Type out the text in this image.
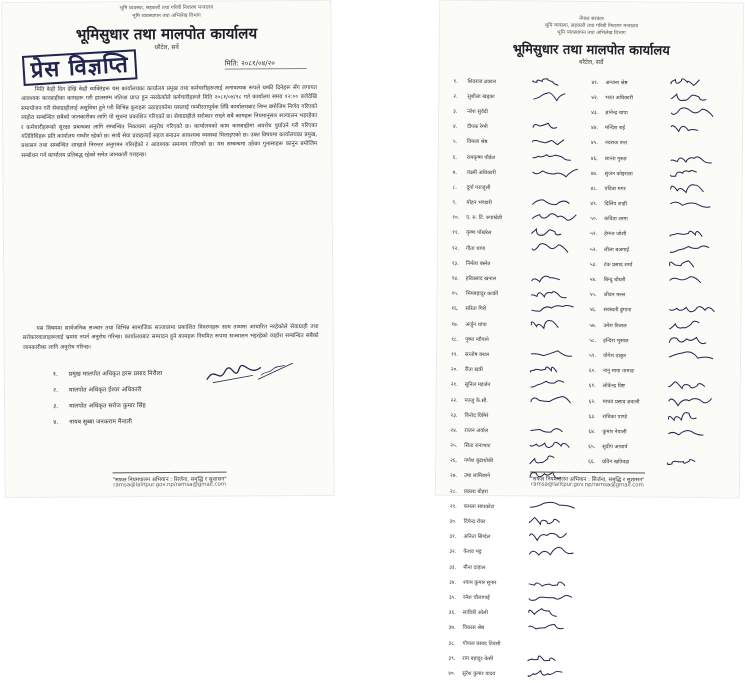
भूमि व्यवस्था, सहकारी तथा गरिबी निवारण मन्त्रालय
भूमि व्यवस्थापन तथा अभिलेख विभाग
भूमिसुधार तथा मालपोत कार्यालय
धरैटेल, सर्वे
प्रेस विज्ञप्ति	मिति: २०८१/०४/२०

मिति केही दिन देखि केही व्यक्तिहरू यस कार्यालयका कार्यालय प्रमुख तथा कर्मचारीहरूलाई अनावश्यक रूपले धम्की दिनेहरू सँग लगायत आवश्यक कारबाहीका कामहरू गरी हालसम्म नतिजा प्राप्त हुन नसकेकोले कर्मचारीहरूले मिति २०८१/०४/१८ गते कार्यालय समय १२:०० बजेदेखि समायोजन गरी सेवाग्राहीलाई असुविधा हुने गरी विभिन्न कुराहरू उठाइएकोमा यसलाई गम्भीरतापूर्वक लिँदै कार्यालयबाट निम्न बमोजिम निर्णय गरिएको व्यहोरा सम्बन्धित सबैको जानकारीका लागि यो सूचना प्रकाशित गरिएको छ। सेवाग्राहीले सरोकार राख्ने सबै कामहरू नियमानुसार सञ्चालन भइरहेका र कर्मचारीहरूको सुरक्षा प्रबन्धका लागि सम्बन्धित निकायमा अनुरोध गरिएको छ। कार्यालयको काम कारबाहीमा अवरोध पुर्याउने गरी गरिएका गतिविधिहरू प्रति कार्यालय गम्भीर रहेको छ। साथै सेवा प्रवाहलाई सहज बनाउन आवश्यक व्यवस्था मिलाइएको छ। उक्त विषयमा कार्यालयका प्रमुख, प्रशासन तथा सम्बन्धित शाखाले निरन्तर अनुगमन गरिरहेको र आवश्यक समन्वय गरिएको छ। यस सम्बन्धमा उठेका गुनासाहरू कानुन बमोजिम सम्बोधन गर्न कार्यालय प्रतिबद्ध रहेको समेत जानकारी गराइन्छ।

यस विषयमा सार्वजनिक सञ्चार तथा विभिन्न सामाजिक सञ्जालमा प्रकाशित विवरणहरू सत्य तथ्यमा आधारित नरहेकोले सेवाग्राही तथा सरोकारवालाहरूलाई भ्रममा नपर्न अनुरोध गरिन्छ। कार्यालयबाट सम्पादन हुने कामहरू नियमित रूपमा सञ्चालन भइरहेको व्यहोरा सम्बन्धित सबैको जानकारीका लागि अनुरोध गरिन्छ।

१.	प्रमुख मालपोत अधिकृत हरस प्रसाद निरौला
२.	मालपोत अधिकृत ईश्वर अधिकारी
३.	मालपोत अधिकृत सरोज कुमार सिंह
४.	नायब सुब्बा जनकराम मैनाली
"सफल नियमपालन अभियान : सिर्जना, समृद्धि र सुशासन"
ramsa@lalitpur.gov.np/ramsa@gmail.com
नेपाल सरकार
भूमि व्यवस्था, सहकारी तथा गरिबी निवारण मन्त्रालय
भूमि व्यवस्थापन तथा अभिलेख विभाग
भूमिसुधार तथा मालपोत कार्यालय
धरैटेल, सर्वे
१.	शिवराज ढकाल
२.	सुशीला खड्का
३.	नरेश सुवेदी
४.	दीपक रेग्मी
५.	विमला श्रेष्ठ
६.	रामकृष्ण पौडेल
७.	लक्ष्मी अधिकारी
८.	दुर्गा पराजुली
९.	मोहन भण्डारी
१०.	ए. रु. टि. रुपाखेती
११.	कृष्ण पोखरेल
१२.	गीता थापा
१३.	निर्मला बस्नेत
१४.	हरिप्रसाद खनाल
१५.	भिमबहादुर कार्की
१६.	सरिता गिरी
१७.	अर्जुन थापा
१८.	पुष्पा न्यौपाने
१९.	सन्तोष बराल
२०.	रीता खत्री
२१.	सुनिल महर्जन
२२.	मञ्जु के.सी.
२३.	विनोद घिमिरे
२४.	राजन अर्याल
२५.	सिता रानाभाट
२६.	गणेश बुढाथोकी
२७.	उषा लामिछाने
२८.	प्रकाश बोहरा
२९.	कमला सापकोटा
३०.	दिपेन्द्र रोका
३१.	अनिता सिग्देल
३२.	केशव भट्ट
३३.	मीना दाहाल
३४.	श्याम कुमार सुनार
३५.	रमेश चौलागाईं
३६.	सावित्री ओली
३७.	विकास श्रेष्ठ
३८.	गोपाल प्रसाद तिवारी
३९.	राम बहादुर केसी
४०.	सुरेश कुमार यादव
४१.	अन्जना श्रेष्ठ
४२.	भरत अधिकारी
४३.	ज्ञानेन्द्र थापा
४४.	मन्दिरा राई
४५.	नवराज पन्त
४६.	शान्ता गुरुङ
४७.	सुजन कोइराला
४८.	पवित्रा मगर
४९.	दिलिप शाही
५०.	कविता लामा
५१.	हेमन्त जोशी
५२.	लीला बजगाईं
५३.	टंक प्रसाद शर्मा
५४.	बिन्दु चौधरी
५५.	जीवन मल्ल
५६.	सरस्वती ढुंगाना
५७.	उमेश रिजाल
५८.	इन्दिरा भुसाल
५९.	योगेश ठाकुर
६०.	नानु माया तामाङ
६१.	लोकेन्द्र विष्ट
६२.	माधव प्रसाद ज्ञवाली
६३.	राधिका पाण्डे
६४.	कुमार नेपाली
६५.	सुदीप आचार्य
६६.	प्रविन खतिवडा
"सफल नियमपालन अभियान : सिर्जना, समृद्धि र सुशासन"
ramsa@lalitpur.gov.np/ramsa@gmail.com
